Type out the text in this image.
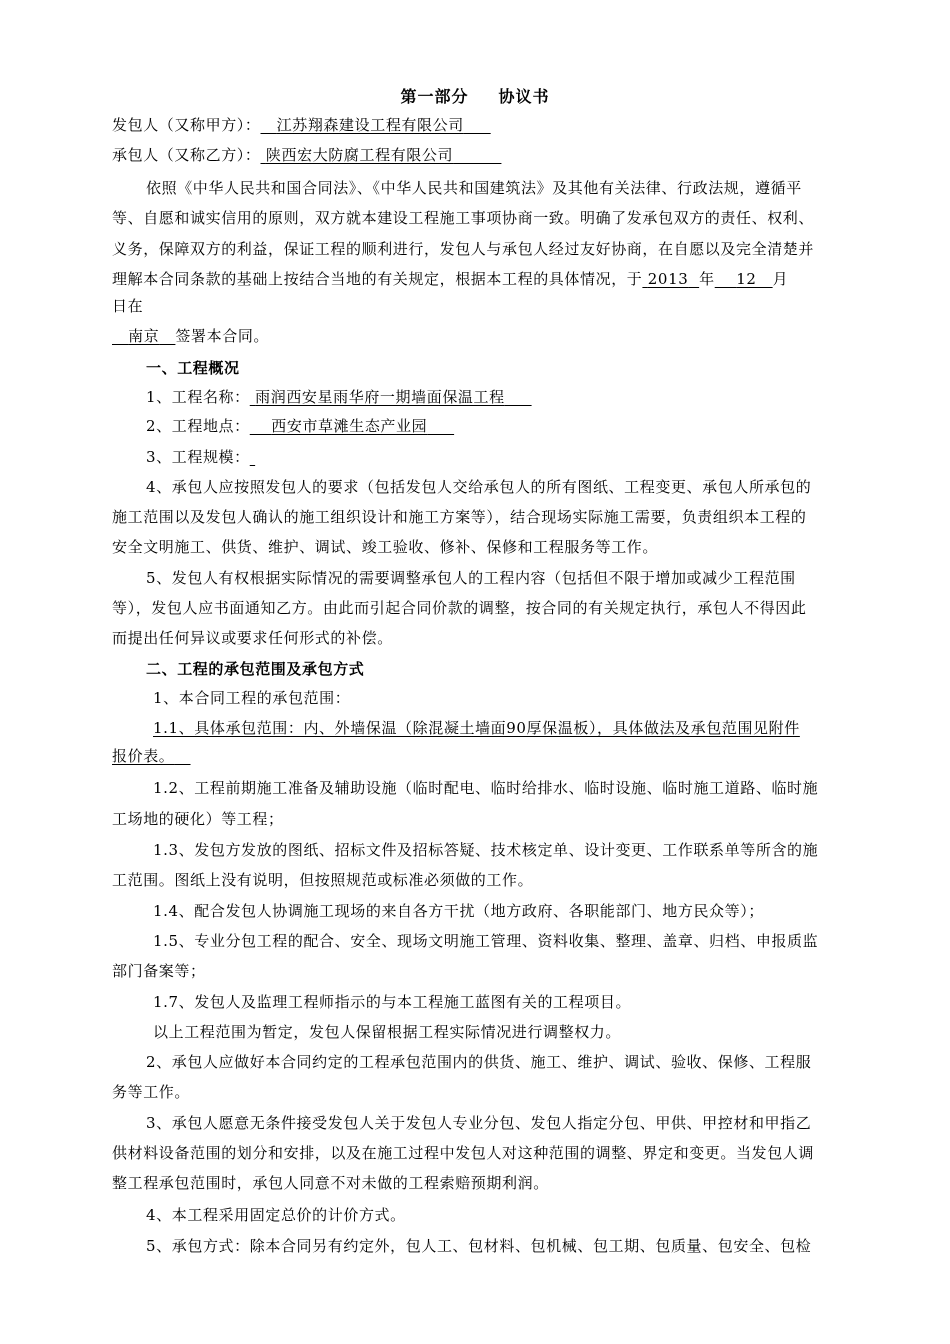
第一部分 协议书
发包人（又称甲方）： 江苏翔森建设工程有限公司
承包人（又称乙方）： 陕西宏大防腐工程有限公司
依照《中华人民共和国合同法》、《中华人民共和国建筑法》及其他有关法律、行政法规，遵循平
等、自愿和诚实信用的原则，双方就本建设工程施工事项协商一致。明确了发承包双方的责任、权利、
义务，保障双方的利益，保证工程的顺利进行，发包人与承包人经过友好协商，在自愿以及完全清楚并
理解本合同条款的基础上按结合当地的有关规定，根据本工程的具体情况，于 2013 年 12 月
日在
南京 签署本合同。
一、工程概况
1、工程名称： 雨润西安星雨华府一期墙面保温工程
2、工程地点： 西安市草滩生态产业园
3、工程规模：
4、承包人应按照发包人的要求（包括发包人交给承包人的所有图纸、工程变更、承包人所承包的
施工范围以及发包人确认的施工组织设计和施工方案等），结合现场实际施工需要，负责组织本工程的
安全文明施工、供货、维护、调试、竣工验收、修补、保修和工程服务等工作。
5、发包人有权根据实际情况的需要调整承包人的工程内容（包括但不限于增加或减少工程范围
等），发包人应书面通知乙方。由此而引起合同价款的调整，按合同的有关规定执行，承包人不得因此
而提出任何异议或要求任何形式的补偿。
二、工程的承包范围及承包方式
1、本合同工程的承包范围：
1.1、具体承包范围：内、外墙保温（除混凝土墙面90厚保温板），具体做法及承包范围见附件
报价表。
1.2、工程前期施工准备及辅助设施（临时配电、临时给排水、临时设施、临时施工道路、临时施
工场地的硬化）等工程；
1.3、发包方发放的图纸、招标文件及招标答疑、技术核定单、设计变更、工作联系单等所含的施
工范围。图纸上没有说明，但按照规范或标准必须做的工作。
1.4、配合发包人协调施工现场的来自各方干扰（地方政府、各职能部门、地方民众等）；
1.5、专业分包工程的配合、安全、现场文明施工管理、资料收集、整理、盖章、归档、申报质监
部门备案等；
1.7、发包人及监理工程师指示的与本工程施工蓝图有关的工程项目。
以上工程范围为暂定，发包人保留根据工程实际情况进行调整权力。
2、承包人应做好本合同约定的工程承包范围内的供货、施工、维护、调试、验收、保修、工程服
务等工作。
3、承包人愿意无条件接受发包人关于发包人专业分包、发包人指定分包、甲供、甲控材和甲指乙
供材料设备范围的划分和安排，以及在施工过程中发包人对这种范围的调整、界定和变更。当发包人调
整工程承包范围时，承包人同意不对未做的工程索赔预期利润。
4、本工程采用固定总价的计价方式。
5、承包方式：除本合同另有约定外，包人工、包材料、包机械、包工期、包质量、包安全、包检
